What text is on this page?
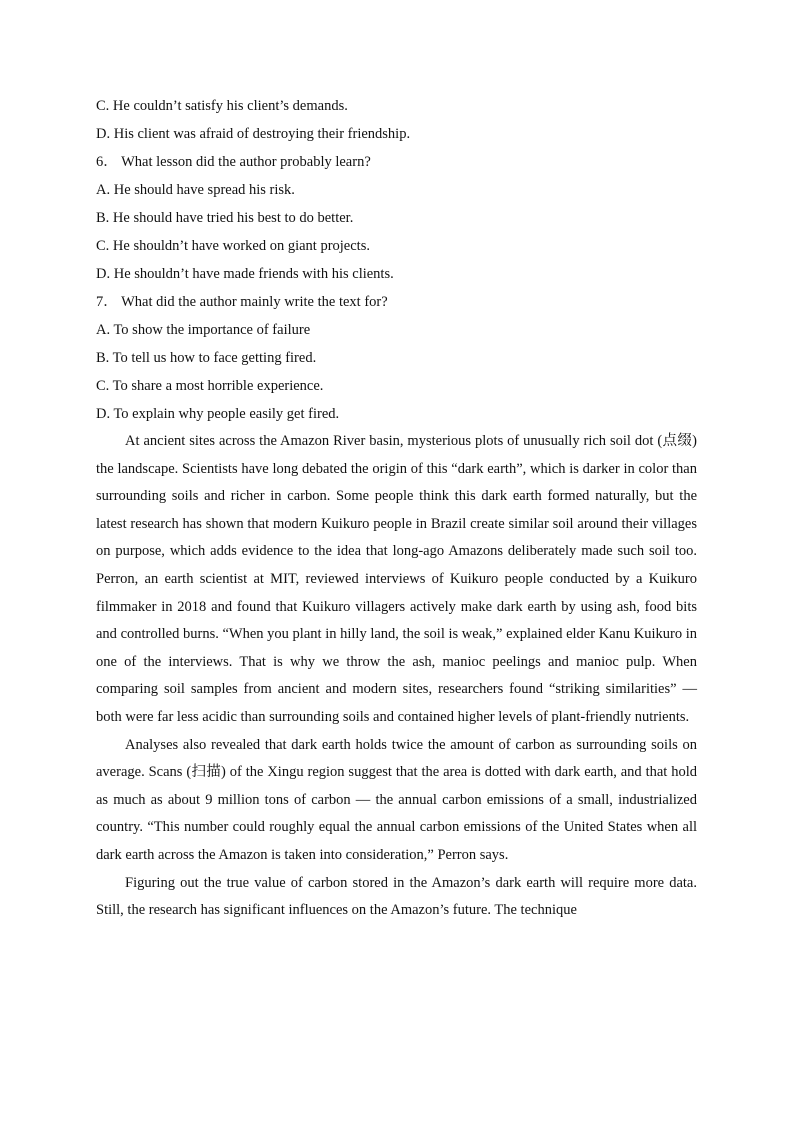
C. He couldn’t satisfy his client’s demands.

D. His client was afraid of destroying their friendship.

6． What lesson did the author probably learn?

A. He should have spread his risk.

B. He should have tried his best to do better.

C. He shouldn’t have worked on giant projects.

D. He shouldn’t have made friends with his clients.

7． What did the author mainly write the text for?

A. To show the importance of failure

B. To tell us how to face getting fired.

C. To share a most horrible experience.

D. To explain why people easily get fired.

At ancient sites across the Amazon River basin, mysterious plots of unusually rich soil dot (点缀) the landscape. Scientists have long debated the origin of this “dark earth”, which is darker in color than surrounding soils and richer in carbon. Some people think this dark earth formed naturally, but the latest research has shown that modern Kuikuro people in Brazil create similar soil around their villages on purpose, which adds evidence to the idea that long-ago Amazons deliberately made such soil too. Perron, an earth scientist at MIT, reviewed interviews of Kuikuro people conducted by a Kuikuro filmmaker in 2018 and found that Kuikuro villagers actively make dark earth by using ash, food bits and controlled burns. “When you plant in hilly land, the soil is weak,” explained elder Kanu Kuikuro in one of the interviews. That is why we throw the ash, manioc peelings and manioc pulp. When comparing soil samples from ancient and modern sites, researchers found “striking similarities” — both were far less acidic than surrounding soils and contained higher levels of plant-friendly nutrients.

Analyses also revealed that dark earth holds twice the amount of carbon as surrounding soils on average. Scans (扫描) of the Xingu region suggest that the area is dotted with dark earth, and that hold as much as about 9 million tons of carbon — the annual carbon emissions of a small, industrialized country. “This number could roughly equal the annual carbon emissions of the United States when all dark earth across the Amazon is taken into consideration,” Perron says.

Figuring out the true value of carbon stored in the Amazon’s dark earth will require more data. Still, the research has significant influences on the Amazon’s future. The technique
